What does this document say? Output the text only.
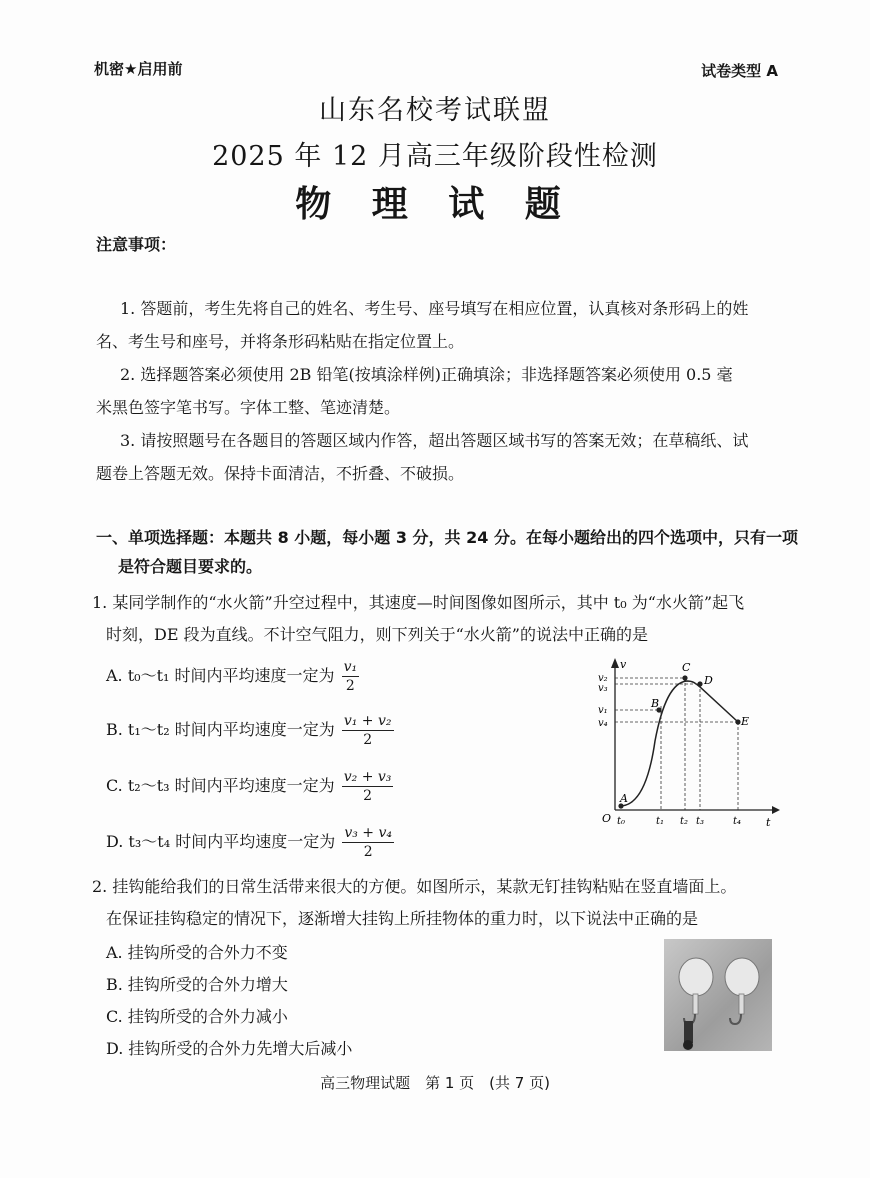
机密★启用前	试卷类型 A
山东名校考试联盟
2025 年 12 月高三年级阶段性检测
物 理 试 题
注意事项：
1. 答题前，考生先将自己的姓名、考生号、座号填写在相应位置，认真核对条形码上的姓
名、考生号和座号，并将条形码粘贴在指定位置上。
2. 选择题答案必须使用 2B 铅笔(按填涂样例)正确填涂；非选择题答案必须使用 0.5 毫
米黑色签字笔书写。字体工整、笔迹清楚。
3. 请按照题号在各题目的答题区域内作答，超出答题区域书写的答案无效；在草稿纸、试
题卷上答题无效。保持卡面清洁，不折叠、不破损。
一、单项选择题：本题共 8 小题，每小题 3 分，共 24 分。在每小题给出的四个选项中，只有一项
是符合题目要求的。
1. 某同学制作的“水火箭”升空过程中，其速度—时间图像如图所示，其中 t₀ 为“水火箭”起飞
时刻，DE 段为直线。不计空气阻力，则下列关于“水火箭”的说法中正确的是
A. t₀～t₁ 时间内平均速度一定为 $\frac{\text{v₁}}{2}$
B. t₁～t₂ 时间内平均速度一定为 $\frac{\text{v₁ + v₂}}{2}$
C. t₂～t₃ 时间内平均速度一定为 $\frac{\text{v₂ + v₃}}{2}$
D. t₃～t₄ 时间内平均速度一定为 $\frac{\text{v₃ + v₄}}{2}$
v
t
O
v₂
v₃
v₁
v₄
t₀	t₁ t₂ t₃	t₄
A
B
C
D
E
2. 挂钩能给我们的日常生活带来很大的方便。如图所示，某款无钉挂钩粘贴在竖直墙面上。
在保证挂钩稳定的情况下，逐渐增大挂钩上所挂物体的重力时，以下说法中正确的是
A. 挂钩所受的合外力不变
B. 挂钩所受的合外力增大
C. 挂钩所受的合外力减小
D. 挂钩所受的合外力先增大后减小
高三物理试题　第 1 页　(共 7 页)
